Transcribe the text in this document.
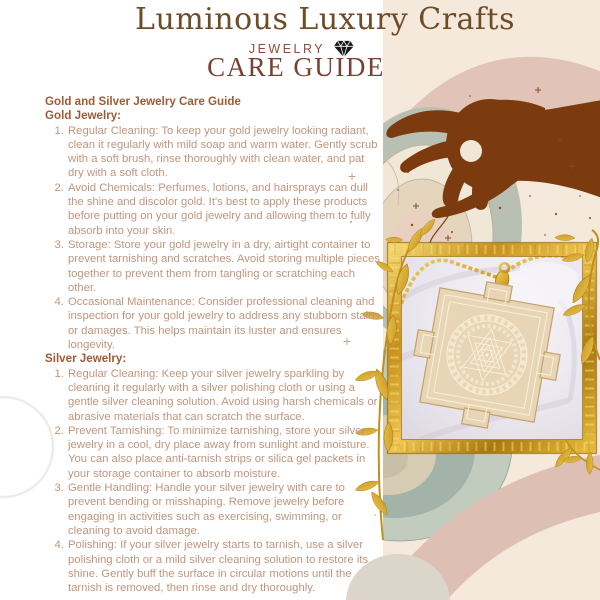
Luminous Luxury Crafts
JEWELRY
CARE GUIDE
Gold and Silver Jewelry Care Guide
Gold Jewelry:
1. Regular Cleaning: To keep your gold jewelry looking radiant, clean it regularly with mild soap and warm water. Gently scrub with a soft brush, rinse thoroughly with clean water, and pat dry with a soft cloth.
2. Avoid Chemicals: Perfumes, lotions, and hairsprays can dull the shine and discolor gold. It's best to apply these products before putting on your gold jewelry and allowing them to fully absorb into your skin.
3. Storage: Store your gold jewelry in a dry, airtight container to prevent tarnishing and scratches. Avoid storing multiple pieces together to prevent them from tangling or scratching each other.
4. Occasional Maintenance: Consider professional cleaning and inspection for your gold jewelry to address any stubborn stains or damages. This helps maintain its luster and ensures longevity.
Silver Jewelry:
1. Regular Cleaning: Keep your silver jewelry sparkling by cleaning it regularly with a silver polishing cloth or using a gentle silver cleaning solution. Avoid using harsh chemicals or abrasive materials that can scratch the surface.
2. Prevent Tarnishing: To minimize tarnishing, store your silver jewelry in a cool, dry place away from sunlight and moisture. You can also place anti-tarnish strips or silica gel packets in your storage container to absorb moisture.
3. Gentle Handling: Handle your silver jewelry with care to prevent bending or misshaping. Remove jewelry before engaging in activities such as exercising, swimming, or cleaning to avoid damage.
4. Polishing: If your silver jewelry starts to tarnish, use a silver polishing cloth or a mild silver cleaning solution to restore its shine. Gently buff the surface in circular motions until the tarnish is removed, then rinse and dry thoroughly.
